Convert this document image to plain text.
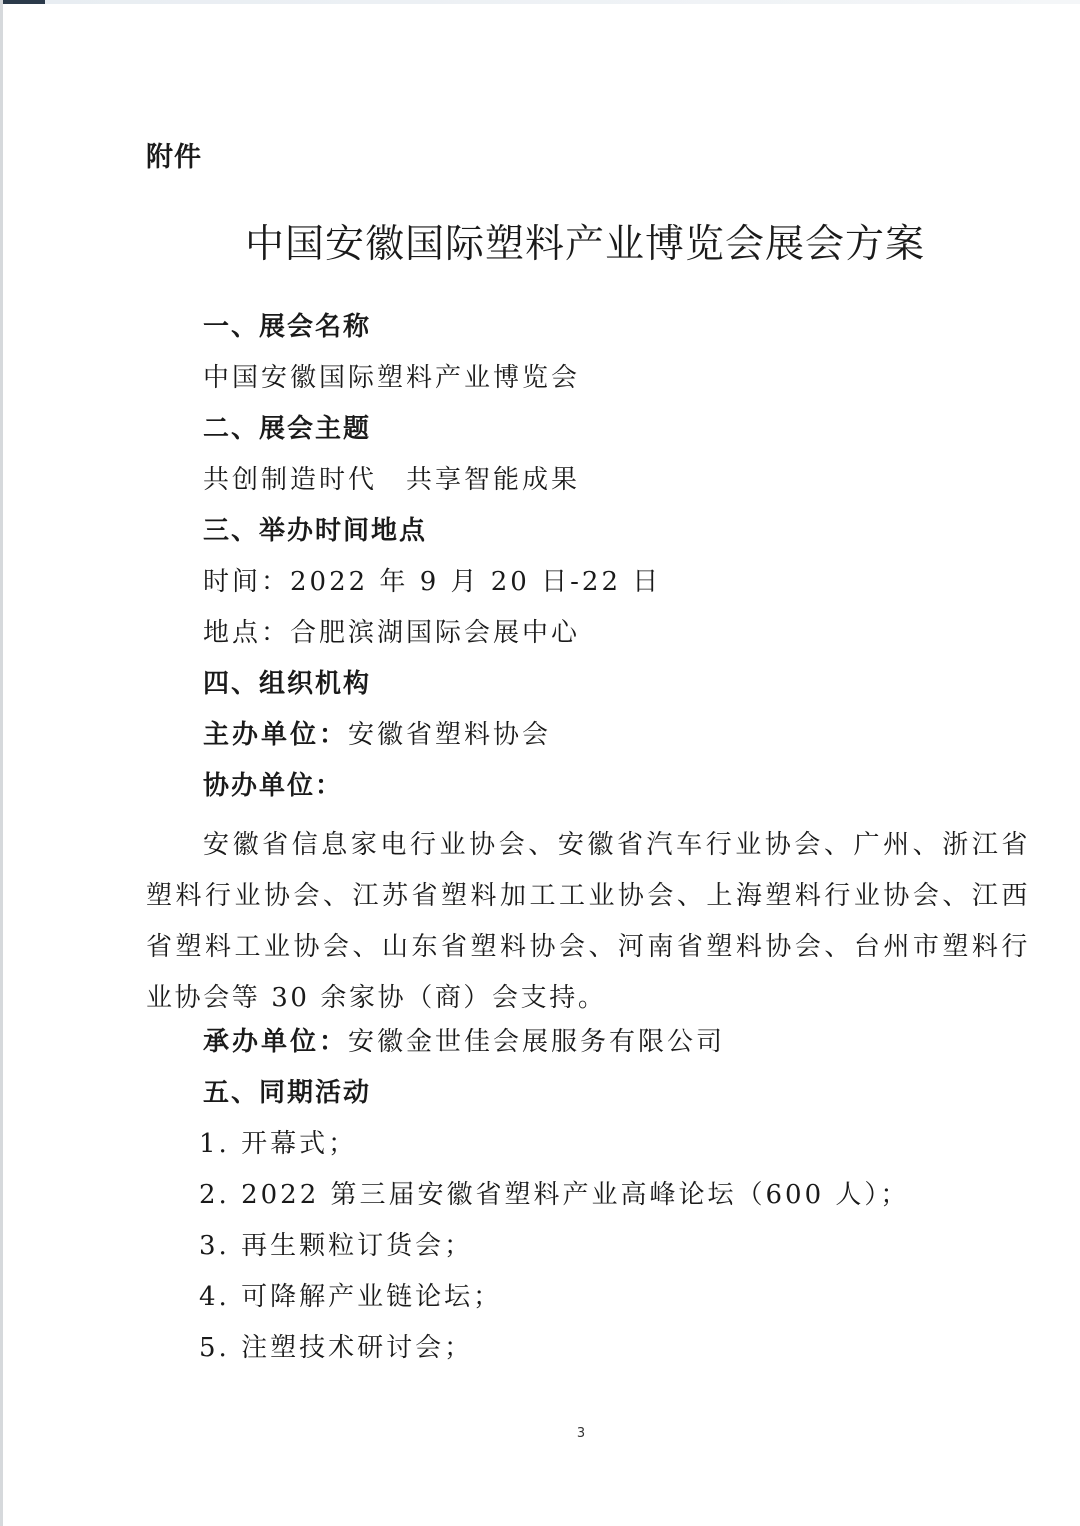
附件
中国安徽国际塑料产业博览会展会方案
一、展会名称
中国安徽国际塑料产业博览会
二、展会主题
共创制造时代　共享智能成果
三、举办时间地点
时间：2022 年 9 月 20 日-22 日
地点：合肥滨湖国际会展中心
四、组织机构
主办单位：安徽省塑料协会
协办单位：
安徽省信息家电行业协会、安徽省汽车行业协会、广州、浙江省塑料行业协会、江苏省塑料加工工业协会、上海塑料行业协会、江西省塑料工业协会、山东省塑料协会、河南省塑料协会、台州市塑料行业协会等 30 余家协（商）会支持。
承办单位：安徽金世佳会展服务有限公司
五、同期活动
1. 开幕式；
2. 2022 第三届安徽省塑料产业高峰论坛（600 人）；
3. 再生颗粒订货会；
4. 可降解产业链论坛；
5. 注塑技术研讨会；
3
